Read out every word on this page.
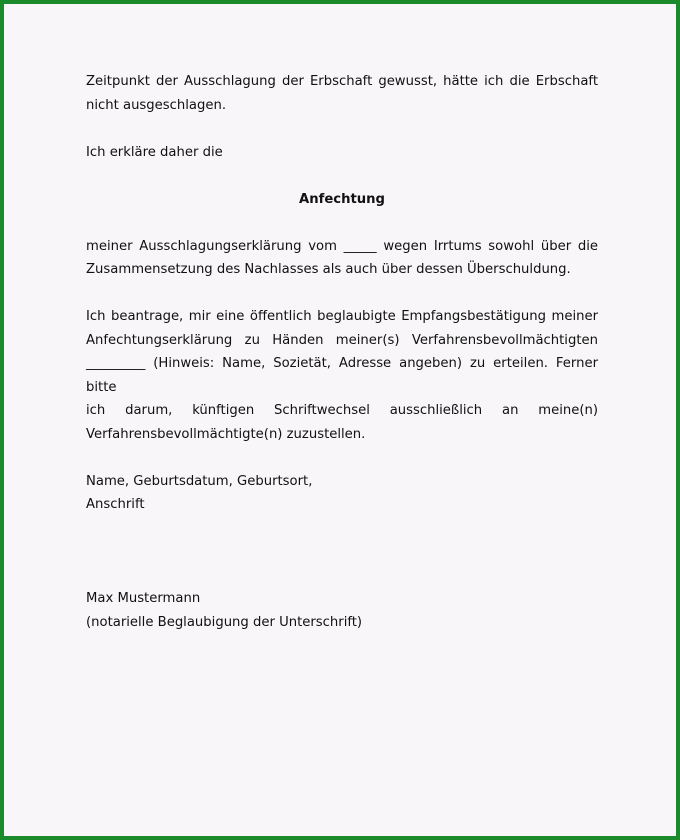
Zeitpunkt der Ausschlagung der Erbschaft gewusst, hätte ich die Erbschaft
nicht ausgeschlagen.
Ich erkläre daher die
Anfechtung
meiner Ausschlagungserklärung vom _____ wegen Irrtums sowohl über die
Zusammensetzung des Nachlasses als auch über dessen Überschuldung.
Ich beantrage, mir eine öffentlich beglaubigte Empfangsbestätigung meiner
Anfechtungserklärung zu Händen meiner(s) Verfahrensbevollmächtigten
_________ (Hinweis: Name, Sozietät, Adresse angeben) zu erteilen. Ferner bitte
ich darum, künftigen Schriftwechsel ausschließlich an meine(n)
Verfahrensbevollmächtigte(n) zuzustellen.
Name, Geburtsdatum, Geburtsort,
Anschrift
Max Mustermann
(notarielle Beglaubigung der Unterschrift)
